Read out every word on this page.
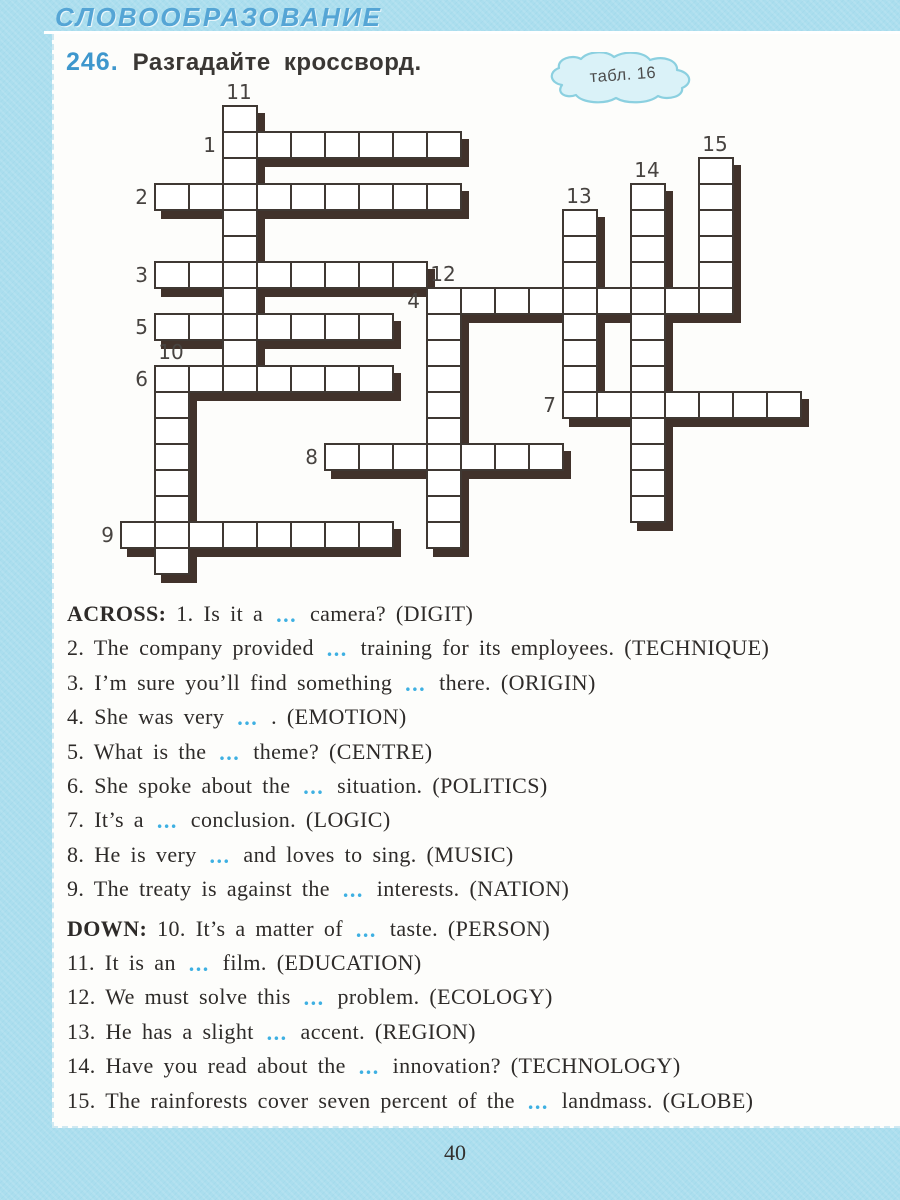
СЛОВООБРАЗОВАНИЕ
246. Разгадайте кроссворд.	табл. 16
1
2
3
4
5
6
7
8
9
10
11
12
13
14
15
ACROSS: 1. Is it a ... camera? (DIGIT)
2. The company provided ... training for its employees. (TECHNIQUE)
3. I’m sure you’ll find something ... there. (ORIGIN)
4. She was very ... . (EMOTION)
5. What is the ... theme? (CENTRE)
6. She spoke about the ... situation. (POLITICS)
7. It’s a ... conclusion. (LOGIC)
8. He is very ... and loves to sing. (MUSIC)
9. The treaty is against the ... interests. (NATION)
DOWN: 10. It’s a matter of ... taste. (PERSON)
11. It is an ... film. (EDUCATION)
12. We must solve this ... problem. (ECOLOGY)
13. He has a slight ... accent. (REGION)
14. Have you read about the ... innovation? (TECHNOLOGY)
15. The rainforests cover seven percent of the ... landmass. (GLOBE)
40
